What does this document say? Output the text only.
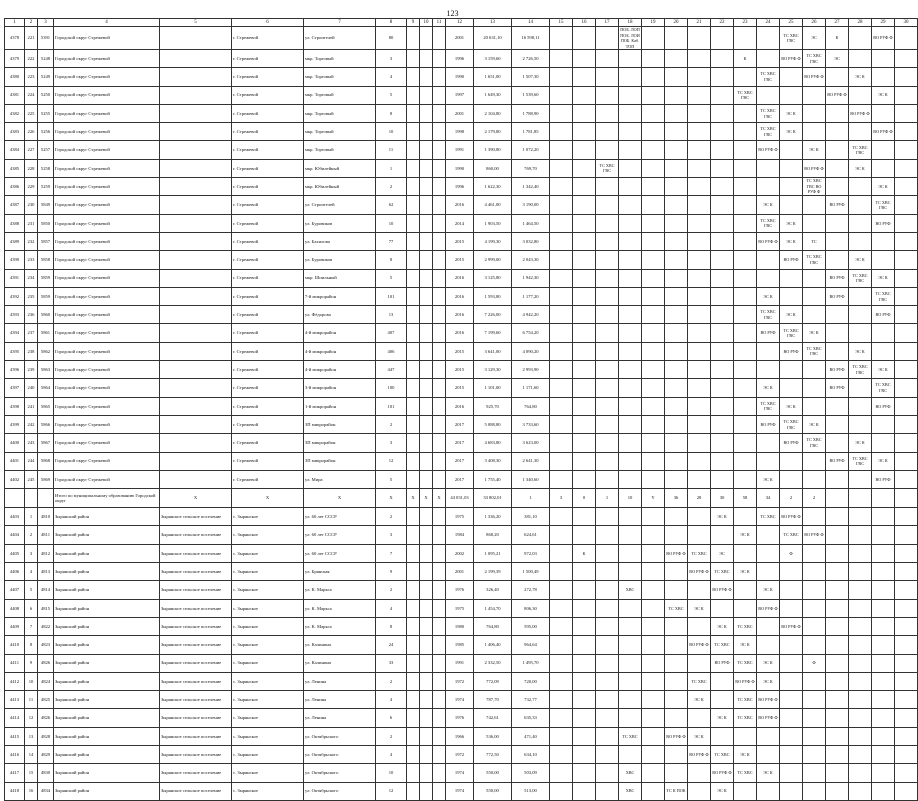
123
1	2	3	4	5	6	7	8	9	10	11	12	13	14	15	16	17	18	19	20	21	22	23	24	25	26	27	28	29	30
4378	221	5391	Городской округ Стрежевой		г. Стрежевой	ул. Строителей	80				2001	20 631,10	16 598,11				ПОБ. ЛОП ПОБ. ЛОИ ПОБ. Каб. ТОП							ТС ХВС ГВС	ЭС	К		ВО РУФ Ф	
4379	222	5248	Городской округ Стрежевой		г. Стрежевой	мкр. Торговый	3				1996	3 159,60	2 726,50									К		ВО РУФ Ф	ТС ХВС ГВС	ЭС			
4380	223	5249	Городской округ Стрежевой		г. Стрежевой	мкр. Торговый	4				1990	1 651,00	1 507,30										ТС ХВС ГВС		ВО РУФ Ф		ЭС К		
4381	224	5250	Городской округ Стрежевой		г. Стрежевой	мкр. Торговый	5				1997	1 649,30	1 539,60									ТС ХВС ГВС				ВО РУФ Ф		ЭС К	
4382	225	5255	Городской округ Стрежевой		г. Стрежевой	мкр. Торговый	8				2001	2 104,80	1 788,90										ТС ХВС ГВС	ЭС К			ВО РУФ Ф		
4383	226	5256	Городской округ Стрежевой		г. Стрежевой	мкр. Торговый	10				1998	2 179,80	1 781,85										ТС ХВС ГВС	ЭС К				ВО РУФ Ф	
4384	227	5257	Городской округ Стрежевой		г. Стрежевой	мкр. Торговый	11				1991	1 390,80	1 072,20										ВО РУФ Ф		ЭС К		ТС ХВС ГВС		
4385	228	5258	Городской округ Стрежевой		г. Стрежевой	мкр. Юбилейный	1				1990	860,00	769,70			ТС ХВС ГВС									ВО РУФ Ф		ЭС К		
4386	229	5259	Городской округ Стрежевой		г. Стрежевой	мкр. Юбилейный	2				1996	1 622,30	1 342,40												ТС ХВС ГВС ВО РУФ Ф			ЭС К	
4387	230	5849	Городской округ Стрежевой		г. Стрежевой	ул. Строителей	62				2016	4 461,00	3 190,00										ЭС К			ВО РУФ		ТС ХВС ГВС	
4388	231	5850	Городской округ Стрежевой		г. Стрежевой	ул. Буровиков	10				2014	1 903,50	1 464,50										ТС ХВС ГВС	ЭС К				ВО РУФ	
4389	232	5857	Городской округ Стрежевой		г. Стрежевой	ул. Бахилова	77				2015	4 199,30	3 032,80										ВО РУФ Ф	ЭС К	ТС				
4390	233	5858	Городской округ Стрежевой		г. Стрежевой	ул. Буровиков	8				2015	2 999,00	2 043,30											ВО РУФ	ТС ХВС ГВС		ЭС К		
4391	234	5859	Городской округ Стрежевой		г. Стрежевой	мкр. Шпильный	5				2016	3 125,80	1 942,30													ВО РУФ	ТС ХВС ГВС	ЭС К	
4392	235	5859	Городской округ Стрежевой		г. Стрежевой	7-й микрорайон	101				2016	1 593,80	1 177,20										ЭС К			ВО РУФ		ТС ХВС ГВС	
4393	236	5860	Городской округ Стрежевой		г. Стрежевой	ул. Фёдорова	13				2016	7 226,00	4 942,20										ТС ХВС ГВС	ЭС К				ВО РУФ	
4394	237	5861	Городской округ Стрежевой		г. Стрежевой	4-й микрорайон	407				2016	7 199,60	6 754,20										ВО РУФ	ТС ХВС ГВС	ЭС К				
4395	238	5862	Городской округ Стрежевой		г. Стрежевой	4-й микрорайон	406				2015	3 641,00	4 090,20											ВО РУФ	ТС ХВС ГВС		ЭС К		
4396	239	5863	Городской округ Стрежевой		г. Стрежевой	4-й микрорайон	447				2015	3 129,30	2 993,90													ВО РУФ	ТС ХВС ГВС	ЭС К	
4397	240	5864	Городской округ Стрежевой		г. Стрежевой	3-й микрорайон	100				2015	1 101,00	1 171,60										ЭС К			ВО РУФ		ТС ХВС ГВС	
4398	241	5865	Городской округ Стрежевой		г. Стрежевой	1-й микрорайон	101				2016	925,70	764,80										ТС ХВС ГВС	ЭС К				ВО РУФ	
4399	242	5866	Городской округ Стрежевой		г. Стрежевой	3П микрорайон	2				2017	5 088,80	3 733,60										ВО РУФ	ТС ХВС ГВС	ЭС К				
4400	243	5867	Городской округ Стрежевой		г. Стрежевой	3П микрорайон	3				2017	4 683,80	3 623,00											ВО РУФ	ТС ХВС ГВС		ЭС К		
4401	244	5868	Городской округ Стрежевой		г. Стрежевой	3П микрорайон	12				2017	3 408,30	2 641,30													ВО РУФ	ТС ХВС ГВС	ЭС К	
4402	245	5869	Городской округ Стрежевой		г. Стрежевой	ул. Мира	5				2017	1 755,40	1 340,60										ЭС К					ВО РУФ	
			Итого по муниципальному образованию Городской округ	Х	Х	Х	Х	Х	Х	Х	44 031,03	33 802,01	1	3	0	1	10	Y	36	28	30	58	34	2	2				
4403	1	4810	Зырянский район	Зырянское сельское поселение	с. Зырянское	ул. 60 лет СССР	2				1975	1 336,20	381,10								ЭС К		ТС ХВС	ВО РУФ Ф					
4404	2	4811	Зырянский район	Зырянское сельское поселение	с. Зырянское	ул. 60 лет СССР	3				1984	868,20	624,61									ЭС К		ТС ХВС	ВО РУФ Ф				
4405	3	4812	Зырянский район	Зырянское сельское поселение	с. Зырянское	ул. 60 лет СССР	7				2002	1 095,21	972,03		К				ВО РУФ Ф	ТС ХВС	ЭС			Ф					
4406	4	4813	Зырянский район	Зырянское сельское поселение	с. Зырянское	ул. Брянская	9				2001	2 199,39	1 500,49							ВО РУФ Ф	ТС ХВС	ЭС К							
4407	5	4814	Зырянский район	Зырянское сельское поселение	с. Зырянское	ул. К. Маркса	2				1976	326,40	272,78				ХВС				ВО РУФ Ф		ЭС К						
4408	6	4815	Зырянский район	Зырянское сельское поселение	с. Зырянское	ул. К. Маркса	4				1975	1 454,70	806,30						ТС ХВС	ЭС К			ВО РУФ Ф						
4409	7	4822	Зырянский район	Зырянское сельское поселение	с. Зырянское	ул. К. Маркса	8				1980	764,80	595,00								ЭС К	ТС ХВС		ВО РУФ Ф					
4410	8	4823	Зырянский район	Зырянское сельское поселение	с. Зырянское	ул. Калинина	24				1985	1 406,40	964,64							ВО РУФ Ф	ТС ХВС	ЭС К							
4411	9	4826	Зырянский район	Зырянское сельское поселение	с. Зырянское	ул. Калинина	33				1991	2 332,50	1 495,70								ВО РУФ	ТС ХВС	ЭС К		Ф				
4412	10	4824	Зырянский район	Зырянское сельское поселение	с. Зырянское	ул. Ленина	2				1972	772,09	720,00							ТС ХВС		ВО РУФ Ф	ЭС К						
4413	11	4825	Зырянский район	Зырянское сельское поселение	с. Зырянское	ул. Ленина	4				1974	787,70	732,77							ЭС К		ТС ХВС	ВО РУФ Ф						
4414	12	4826	Зырянский район	Зырянское сельское поселение	с. Зырянское	ул. Ленина	6				1976	742,61	635,33								ЭС К	ТС ХВС	ВО РУФ Ф						
4415	13	4828	Зырянский район	Зырянское сельское поселение	с. Зырянское	ул. Октябрьского	2				1966	536,00	471,40				ТС ХВС		ВО РУФ Ф	ЭС К									
4416	14	4829	Зырянский район	Зырянское сельское поселение	с. Зырянское	ул. Октябрьского	4				1972	772,50	634,10							ВО РУФ Ф	ТС ХВС	ЭС К							
4417	15	4830	Зырянский район	Зырянское сельское поселение	с. Зырянское	ул. Октябрьского	10				1974	550,00	503,09				ХВС				ВО РУФ Ф	ТС ХВС	ЭС К						
4418	16	4834	Зырянский район	Зырянское сельское поселение	с. Зырянское	ул. Октябрьского	12				1974	550,00	513,00				ХВС		ТС К ПОК		ЭС К								
